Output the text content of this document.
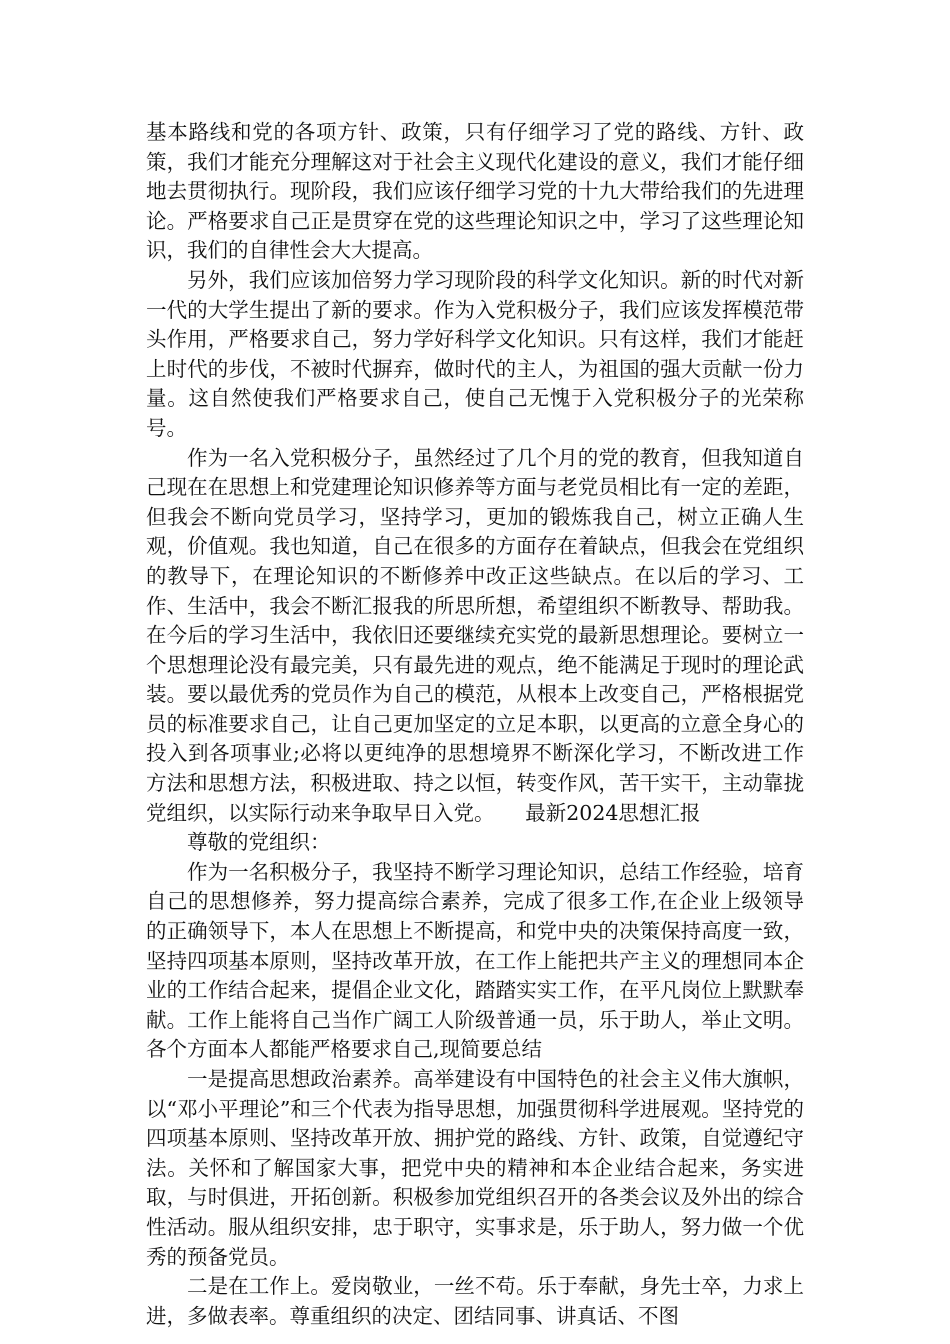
基本路线和党的各项方针、政策，只有仔细学习了党的路线、方针、政策，我们才能充分理解这对于社会主义现代化建设的意义，我们才能仔细地去贯彻执行。现阶段，我们应该仔细学习党的十九大带给我们的先进理论。严格要求自己正是贯穿在党的这些理论知识之中，学习了这些理论知识，我们的自律性会大大提高。

另外，我们应该加倍努力学习现阶段的科学文化知识。新的时代对新一代的大学生提出了新的要求。作为入党积极分子，我们应该发挥模范带头作用，严格要求自己，努力学好科学文化知识。只有这样，我们才能赶上时代的步伐，不被时代摒弃，做时代的主人，为祖国的强大贡献一份力量。这自然使我们严格要求自己，使自己无愧于入党积极分子的光荣称号。

作为一名入党积极分子，虽然经过了几个月的党的教育，但我知道自己现在在思想上和党建理论知识修养等方面与老党员相比有一定的差距，但我会不断向党员学习，坚持学习，更加的锻炼我自己，树立正确人生观，价值观。我也知道，自己在很多的方面存在着缺点，但我会在党组织的教导下，在理论知识的不断修养中改正这些缺点。在以后的学习、工作、生活中，我会不断汇报我的所思所想，希望组织不断教导、帮助我。在今后的学习生活中，我依旧还要继续充实党的最新思想理论。要树立一个思想理论没有最完美，只有最先进的观点，绝不能满足于现时的理论武装。要以最优秀的党员作为自己的模范，从根本上改变自己，严格根据党员的标准要求自己，让自己更加坚定的立足本职，以更高的立意全身心的投入到各项事业;必将以更纯净的思想境界不断深化学习，不断改进工作方法和思想方法，积极进取、持之以恒，转变作风，苦干实干，主动靠拢党组织，以实际行动来争取早日入党。　　最新2024思想汇报

尊敬的党组织：

作为一名积极分子，我坚持不断学习理论知识，总结工作经验，培育自己的思想修养，努力提高综合素养，完成了很多工作,在企业上级领导的正确领导下，本人在思想上不断提高，和党中央的决策保持高度一致，坚持四项基本原则，坚持改革开放，在工作上能把共产主义的理想同本企业的工作结合起来，提倡企业文化，踏踏实实工作，在平凡岗位上默默奉献。工作上能将自己当作广阔工人阶级普通一员，乐于助人，举止文明。各个方面本人都能严格要求自己,现简要总结

一是提高思想政治素养。高举建设有中国特色的社会主义伟大旗帜，以“邓小平理论”和三个代表为指导思想，加强贯彻科学进展观。坚持党的四项基本原则、坚持改革开放、拥护党的路线、方针、政策，自觉遵纪守法。关怀和了解国家大事，把党中央的精神和本企业结合起来，务实进取，与时俱进，开拓创新。积极参加党组织召开的各类会议及外出的综合性活动。服从组织安排，忠于职守，实事求是，乐于助人，努力做一个优秀的预备党员。

二是在工作上。爱岗敬业，一丝不苟。乐于奉献，身先士卒，力求上进，多做表率。尊重组织的决定、团结同事、讲真话、不图
